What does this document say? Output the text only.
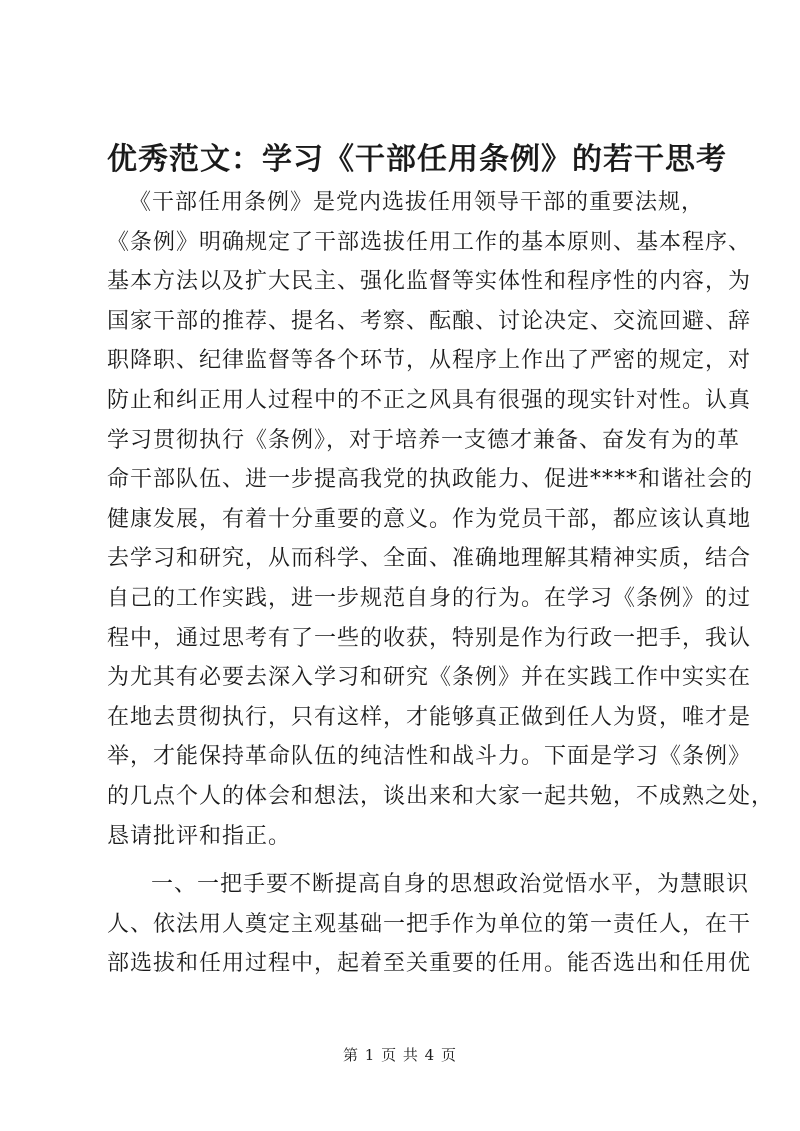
优秀范文：学习《干部任用条例》的若干思考

《干部任用条例》是党内选拔任用领导干部的重要法规，
《条例》明确规定了干部选拔任用工作的基本原则、基本程序、
基本方法以及扩大民主、强化监督等实体性和程序性的内容，为
国家干部的推荐、提名、考察、酝酿、讨论决定、交流回避、辞
职降职、纪律监督等各个环节，从程序上作出了严密的规定，对
防止和纠正用人过程中的不正之风具有很强的现实针对性。认真
学习贯彻执行《条例》，对于培养一支德才兼备、奋发有为的革
命干部队伍、进一步提高我党的执政能力、促进****和谐社会的
健康发展，有着十分重要的意义。作为党员干部，都应该认真地
去学习和研究，从而科学、全面、准确地理解其精神实质，结合
自己的工作实践，进一步规范自身的行为。在学习《条例》的过
程中，通过思考有了一些的收获，特别是作为行政一把手，我认
为尤其有必要去深入学习和研究《条例》并在实践工作中实实在
在地去贯彻执行，只有这样，才能够真正做到任人为贤，唯才是
举，才能保持革命队伍的纯洁性和战斗力。下面是学习《条例》
的几点个人的体会和想法，谈出来和大家一起共勉，不成熟之处，
恳请批评和指正。

一、一把手要不断提高自身的思想政治觉悟水平，为慧眼识
人、依法用人奠定主观基础一把手作为单位的第一责任人，在干
部选拔和任用过程中，起着至关重要的任用。能否选出和任用优

第 1 页 共 4 页
